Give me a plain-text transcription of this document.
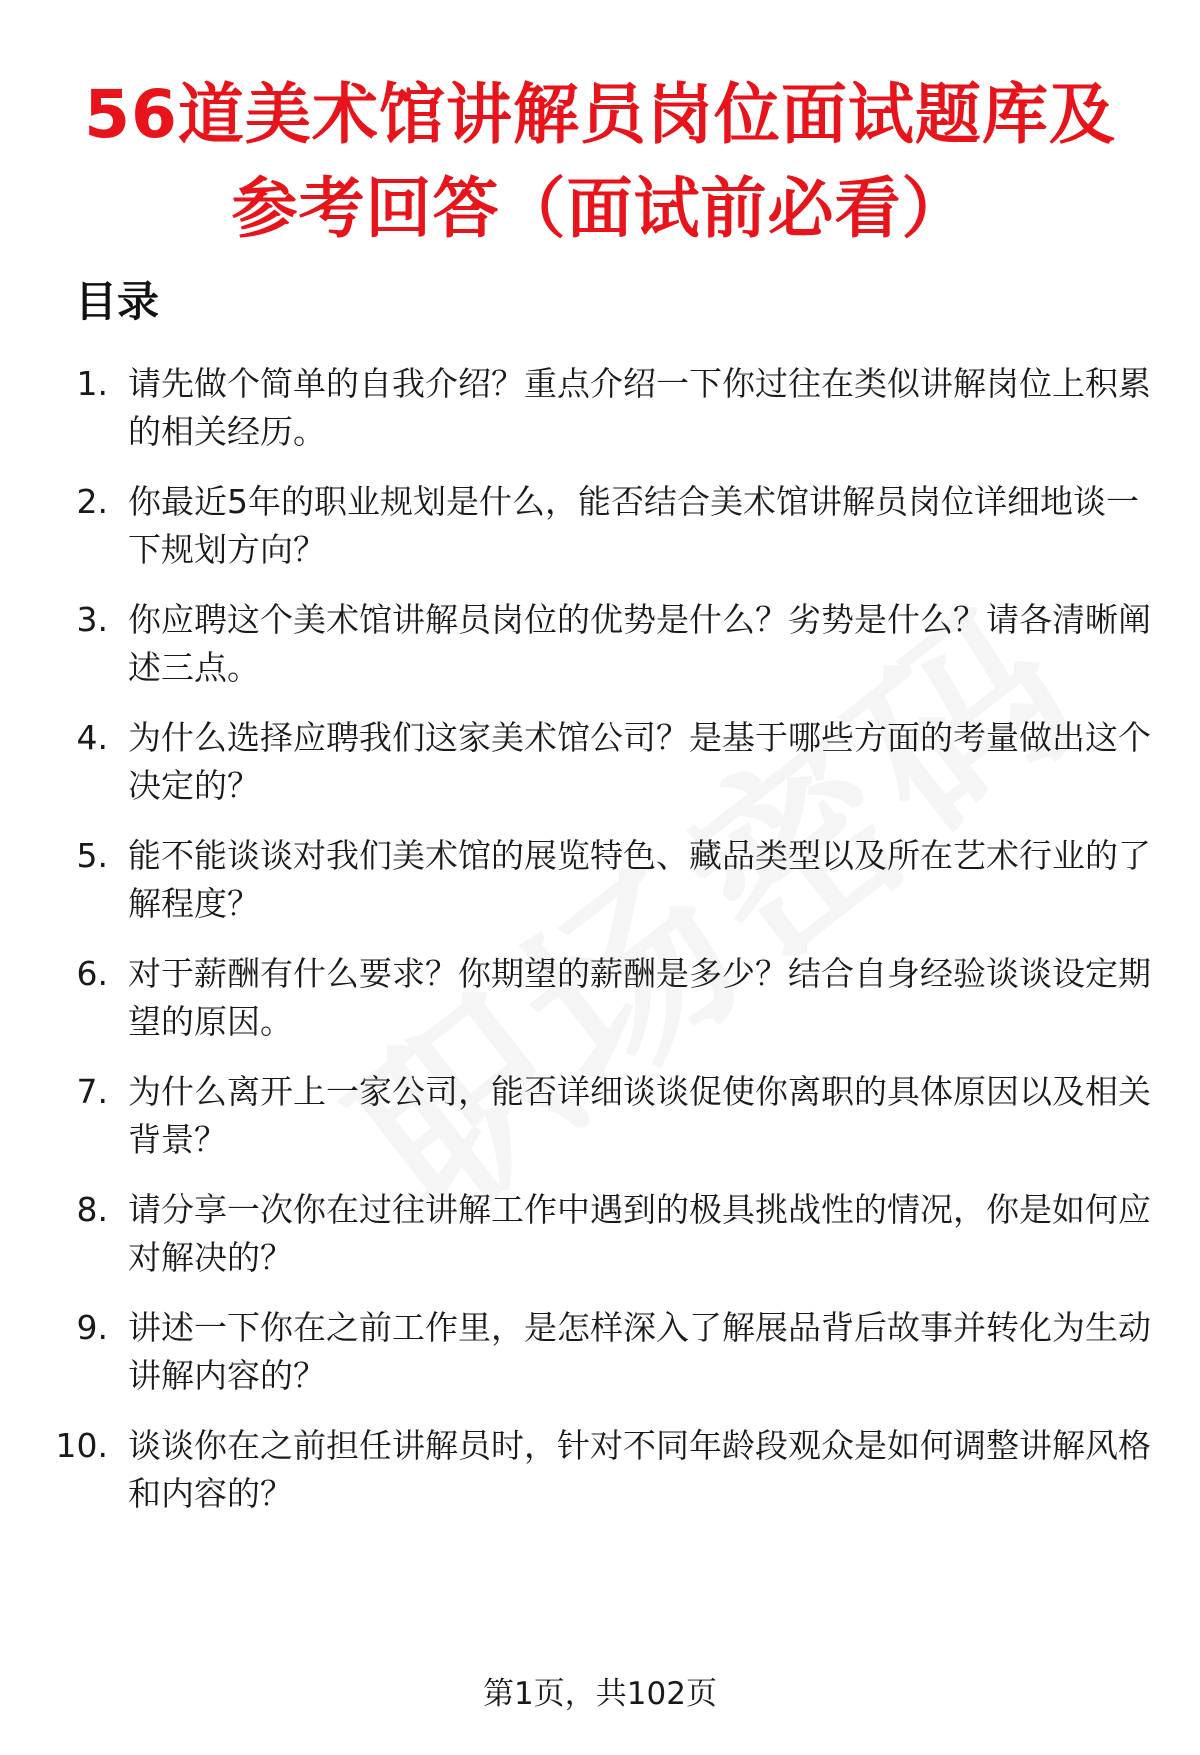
56道美术馆讲解员岗位面试题库及
参考回答（面试前必看）
目录
1. 请先做个简单的自我介绍？重点介绍一下你过往在类似讲解岗位上积累的相关经历。
2. 你最近5年的职业规划是什么，能否结合美术馆讲解员岗位详细地谈一下规划方向？
3. 你应聘这个美术馆讲解员岗位的优势是什么？劣势是什么？请各清晰阐述三点。
4. 为什么选择应聘我们这家美术馆公司？是基于哪些方面的考量做出这个决定的？
5. 能不能谈谈对我们美术馆的展览特色、藏品类型以及所在艺术行业的了解程度？
6. 对于薪酬有什么要求？你期望的薪酬是多少？结合自身经验谈谈设定期望的原因。
7. 为什么离开上一家公司，能否详细谈谈促使你离职的具体原因以及相关背景？
8. 请分享一次你在过往讲解工作中遇到的极具挑战性的情况，你是如何应对解决的？
9. 讲述一下你在之前工作里，是怎样深入了解展品背后故事并转化为生动讲解内容的？
10. 谈谈你在之前担任讲解员时，针对不同年龄段观众是如何调整讲解风格和内容的？
第1页，共102页
